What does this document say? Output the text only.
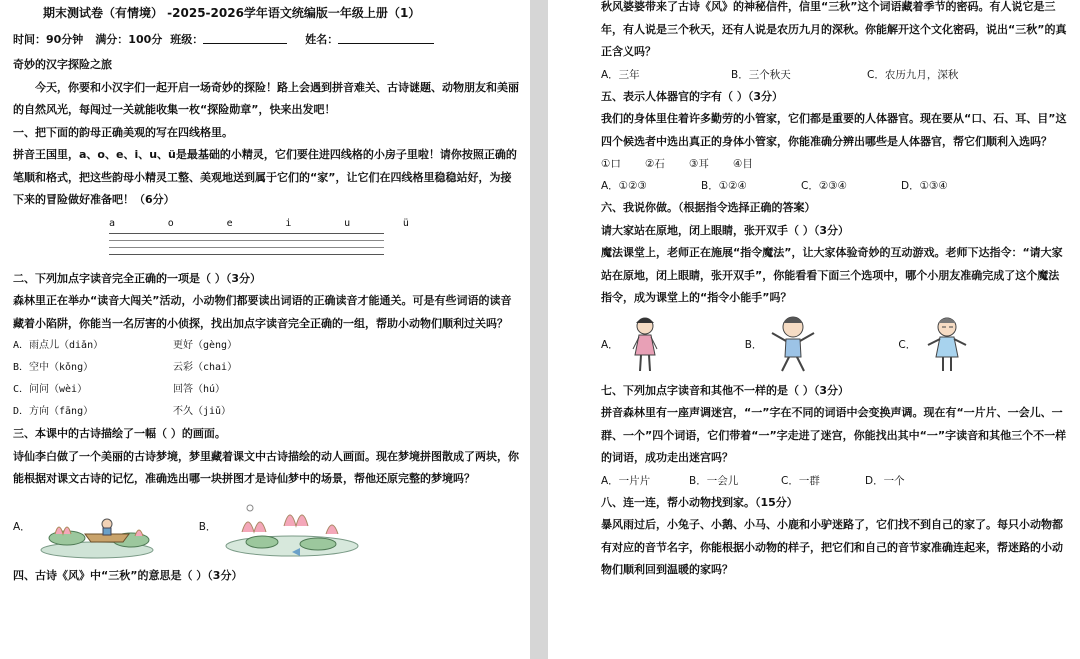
期末测试卷（有情境） -2025-2026学年语文统编版一年级上册（1）

时间：90分钟 满分：100分 班级：	姓名：

奇妙的汉字探险之旅

今天，你要和小汉字们一起开启一场奇妙的探险！路上会遇到拼音难关、古诗谜题、动物朋友和美丽的自然风光，每闯过一关就能收集一枚“探险勋章”，快来出发吧！

一、把下面的韵母正确美观的写在四线格里。

拼音王国里，a、o、e、i、u、ü是最基础的小精灵，它们要住进四线格的小房子里啦！请你按照正确的笔顺和格式，把这些韵母小精灵工整、美观地送到属于它们的“家”，让它们在四线格里稳稳站好，为接下来的冒险做好准备吧！（6分）

a	o	e	i	u	ü

二、下列加点字读音完全正确的一项是（ ）（3分）

森林里正在举办“读音大闯关”活动，小动物们都要读出词语的正确读音才能通关。可是有些词语的读音藏着小陷阱，你能当一名厉害的小侦探，找出加点字读音完全正确的一组，帮助小动物们顺利过关吗？

A．雨点儿（diǎn）	更好（gèng）
B．空中（kǒng）	云彩（chai）
C．问问（wèi）	回答（hú）
D．方向（fāng）	不久（jiǔ）

三、本课中的古诗描绘了一幅（ ）的画面。

诗仙李白做了一个美丽的古诗梦境，梦里藏着课文中古诗描绘的动人画面。现在梦境拼图散成了两块，你能根据对课文古诗的记忆，准确选出哪一块拼图才是诗仙梦中的场景，帮他还原完整的梦境吗？

A．	B．

四、古诗《风》中“三秋”的意思是（ ）（3分）

秋风婆婆带来了古诗《风》的神秘信件，信里“三秋”这个词语藏着季节的密码。有人说它是三年，有人说是三个秋天，还有人说是农历九月的深秋。你能解开这个文化密码，说出“三秋”的真正含义吗？

A．三年	B．三个秋天	C．农历九月，深秋

五、表示人体器官的字有（ ）（3分）

我们的身体里住着许多勤劳的小管家，它们都是重要的人体器官。现在要从“口、石、耳、目”这四个候选者中选出真正的身体小管家，你能准确分辨出哪些是人体器官，帮它们顺利入选吗？

①口	②石	③耳	④目
A．①②③	B．①②④	C．②③④	D．①③④

六、我说你做。（根据指令选择正确的答案）

请大家站在原地，闭上眼睛，张开双手（ ）（3分）

魔法课堂上，老师正在施展“指令魔法”，让大家体验奇妙的互动游戏。老师下达指令：“请大家站在原地，闭上眼睛，张开双手”，你能看看下面三个选项中，哪个小朋友准确完成了这个魔法指令，成为课堂上的“指令小能手”吗？

A．	B．	C．

七、下列加点字读音和其他不一样的是（ ）（3分）

拼音森林里有一座声调迷宫，“一”字在不同的词语中会变换声调。现在有“一片片、一会儿、一群、一个”四个词语，它们带着“一”字走进了迷宫，你能找出其中“一”字读音和其他三个不一样的词语，成功走出迷宫吗？

A．一片片	B．一会儿	C．一群	D．一个

八、连一连，帮小动物找到家。（15分）

暴风雨过后，小兔子、小鹅、小马、小鹿和小驴迷路了，它们找不到自己的家了。每只小动物都有对应的音节名字，你能根据小动物的样子，把它们和自己的音节家准确连起来，帮迷路的小动物们顺利回到温暖的家吗？
